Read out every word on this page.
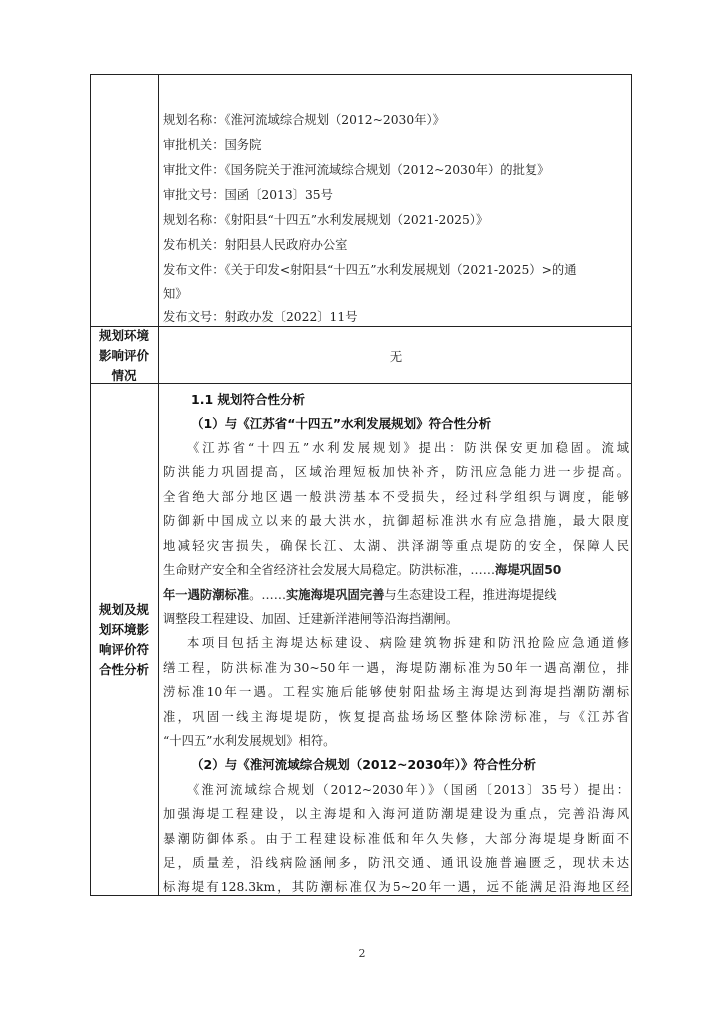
规划名称：《淮河流域综合规划（2012~2030年）》
审批机关：国务院
审批文件：《国务院关于淮河流域综合规划（2012~2030年）的批复》
审批文号：国函〔2013〕35号
规划名称：《射阳县“十四五”水利发展规划（2021-2025）》
发布机关：射阳县人民政府办公室
发布文件：《关于印发<射阳县“十四五”水利发展规划（2021-2025）>的通
知》
发布文号：射政办发〔2022〕11号
规划环境
影响评价
情况
无
规划及规
划环境影
响评价符
合性分析
1.1 规划符合性分析
（1）与《江苏省“十四五”水利发展规划》符合性分析
《江苏省“十四五”水利发展规划》提出：防洪保安更加稳固。流域
防洪能力巩固提高，区域治理短板加快补齐，防汛应急能力进一步提高。
全省绝大部分地区遇一般洪涝基本不受损失，经过科学组织与调度，能够
防御新中国成立以来的最大洪水，抗御超标准洪水有应急措施，最大限度
地减轻灾害损失，确保长江、太湖、洪泽湖等重点堤防的安全，保障人民
生命财产安全和全省经济社会发展大局稳定。防洪标准，……海堤巩固50
年一遇防潮标准。……实施海堤巩固完善与生态建设工程，推进海堤提线
调整段工程建设、加固、迁建新洋港闸等沿海挡潮闸。
本项目包括主海堤达标建设、病险建筑物拆建和防汛抢险应急通道修
缮工程，防洪标准为30~50年一遇，海堤防潮标准为50年一遇高潮位，排
涝标准10年一遇。工程实施后能够使射阳盐场主海堤达到海堤挡潮防潮标
准，巩固一线主海堤堤防，恢复提高盐场场区整体除涝标准，与《江苏省
“十四五”水利发展规划》相符。
（2）与《淮河流域综合规划（2012~2030年）》符合性分析
《淮河流域综合规划（2012~2030年）》（国函〔2013〕35号）提出：
加强海堤工程建设，以主海堤和入海河道防潮堤建设为重点，完善沿海风
暴潮防御体系。由于工程建设标准低和年久失修，大部分海堤堤身断面不
足，质量差，沿线病险涵闸多，防汛交通、通讯设施普遍匮乏，现状未达
标海堤有128.3km，其防潮标准仅为5~20年一遇，远不能满足沿海地区经
2
